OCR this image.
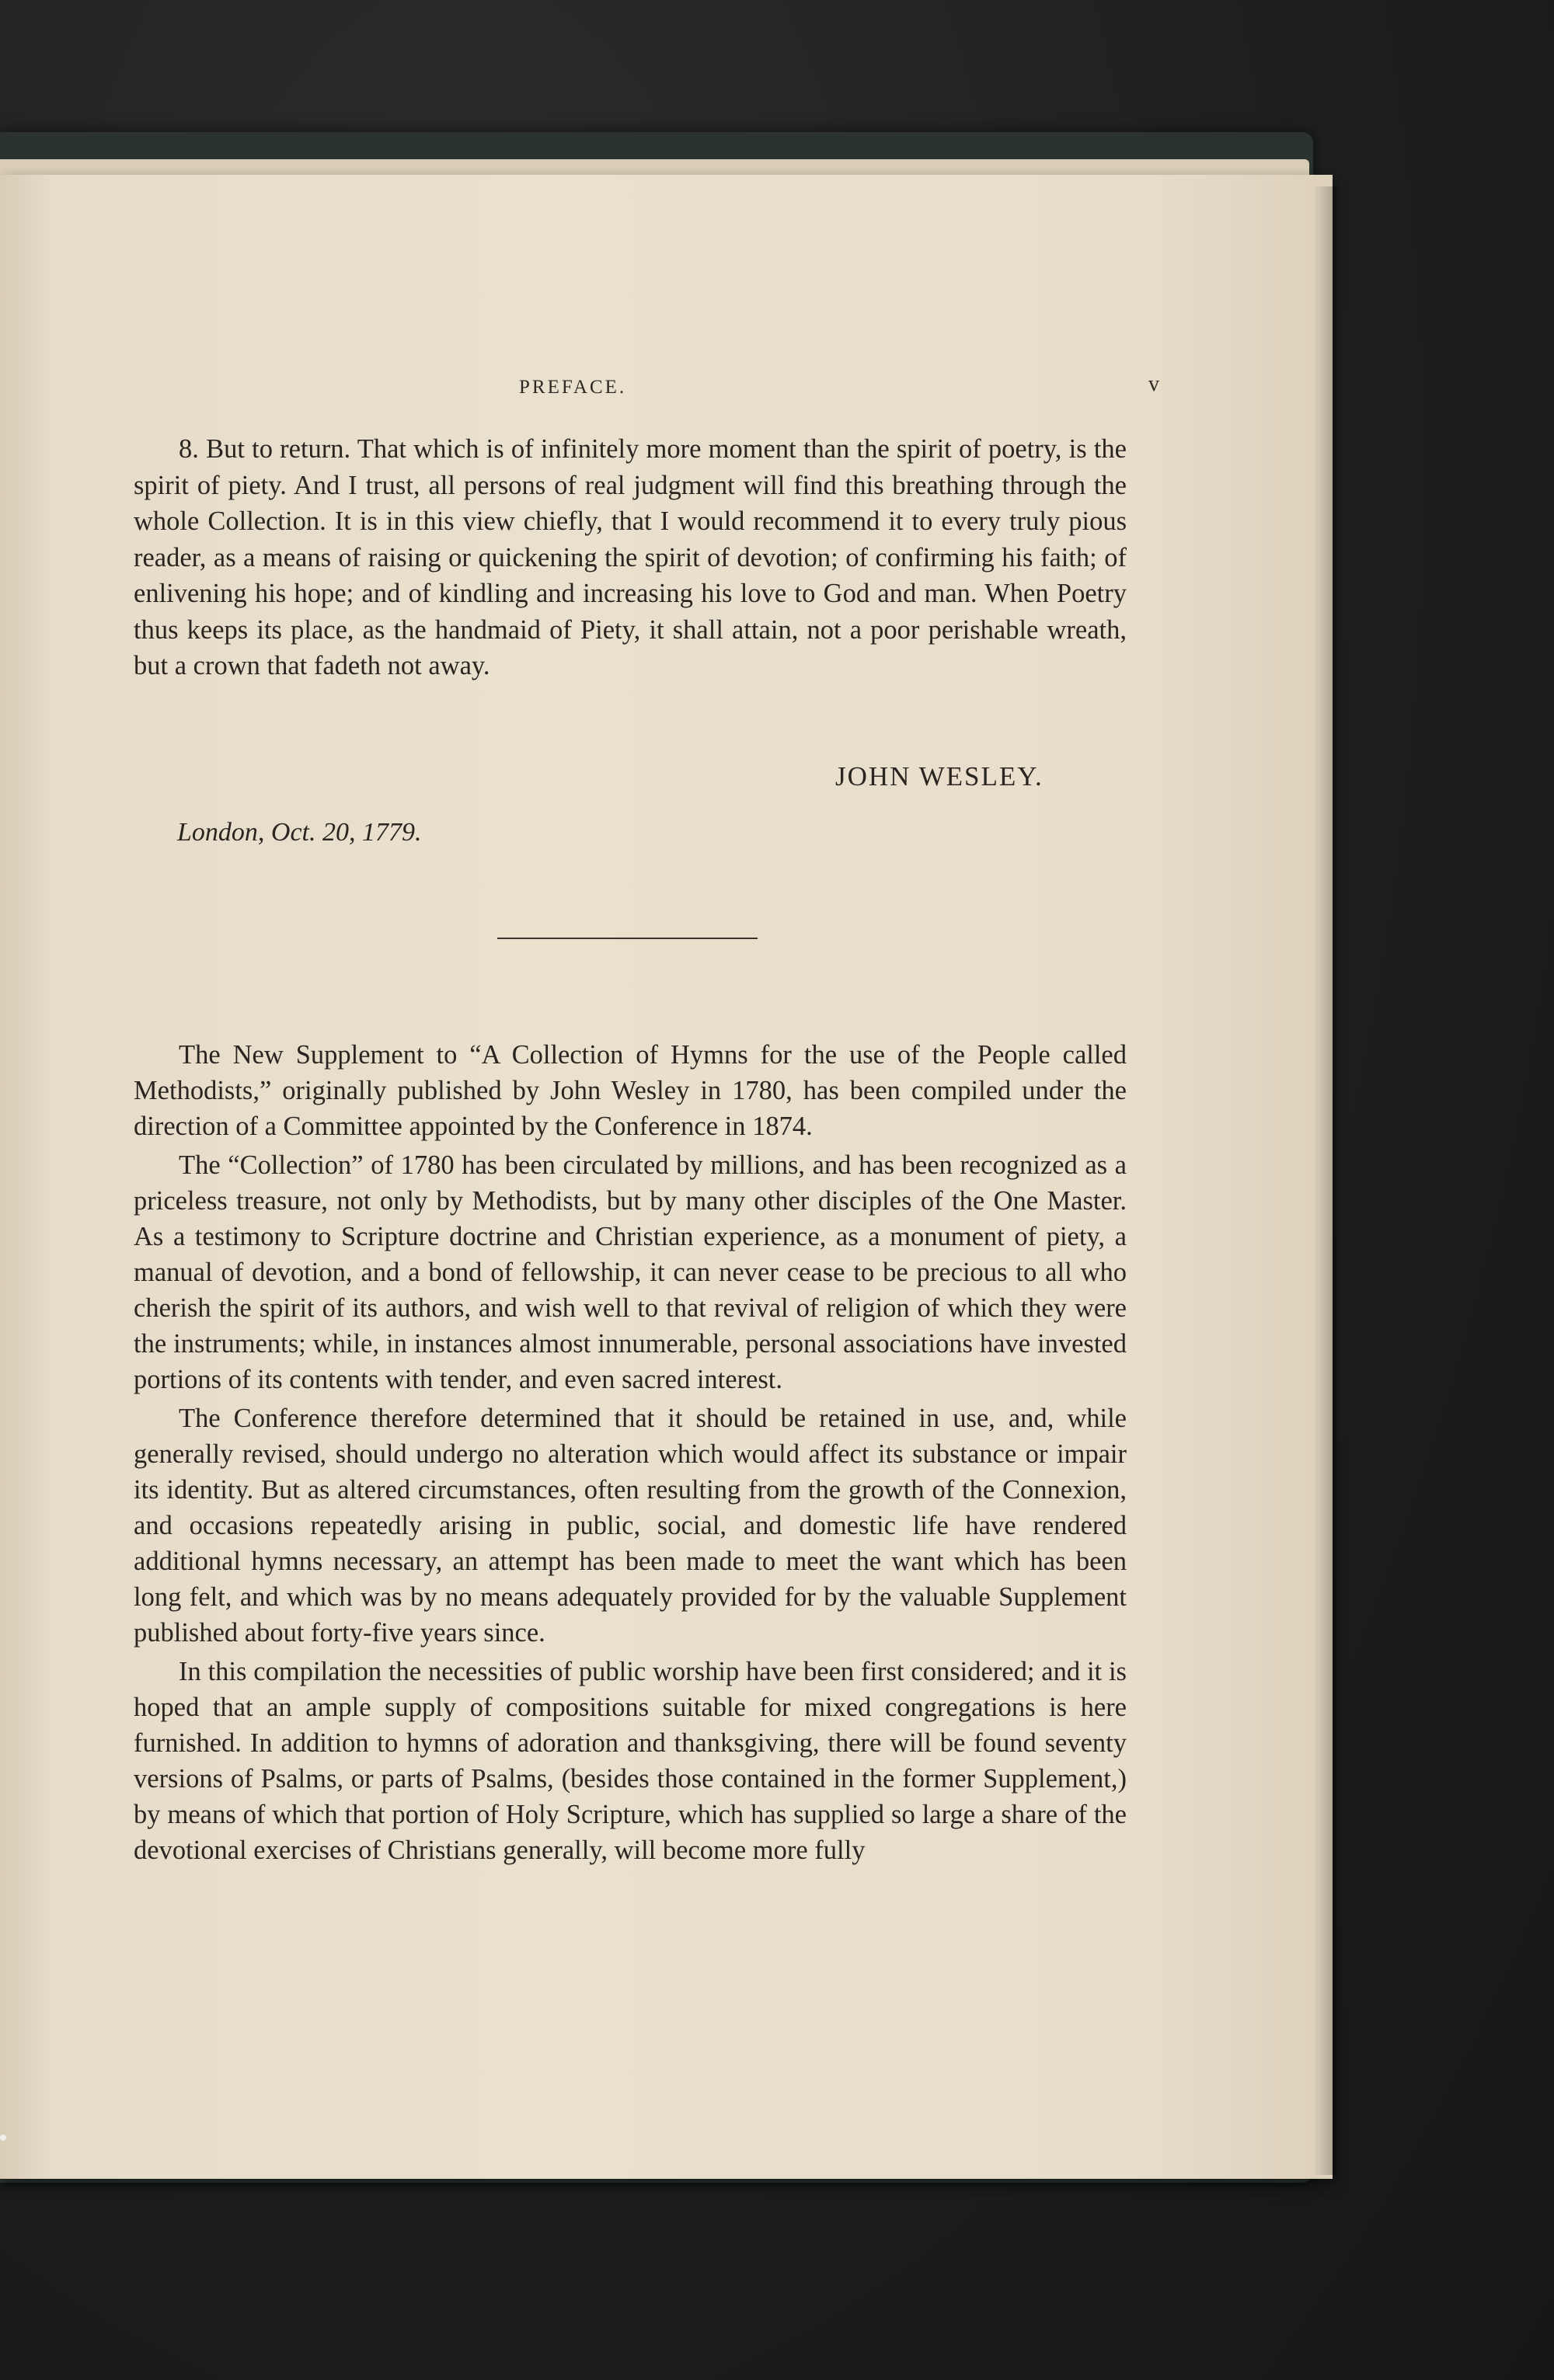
PREFACE.	v

8. But to return. That which is of infinitely more moment than the spirit of poetry, is the spirit of piety. And I trust, all persons of real judgment will find this breathing through the whole Collection. It is in this view chiefly, that I would recommend it to every truly pious reader, as a means of raising or quickening the spirit of devotion; of confirming his faith; of enlivening his hope; and of kindling and increasing his love to God and man. When Poetry thus keeps its place, as the handmaid of Piety, it shall attain, not a poor perishable wreath, but a crown that fadeth not away.

JOHN WESLEY.
London, Oct. 20, 1779.

The New Supplement to “A Collection of Hymns for the use of the People called Methodists,” originally published by John Wesley in 1780, has been compiled under the direction of a Committee appointed by the Conference in 1874.

The “Collection” of 1780 has been circulated by millions, and has been recognized as a priceless treasure, not only by Methodists, but by many other disciples of the One Master. As a testimony to Scripture doctrine and Christian experience, as a monument of piety, a manual of devotion, and a bond of fellowship, it can never cease to be precious to all who cherish the spirit of its authors, and wish well to that revival of religion of which they were the instruments; while, in instances almost innumerable, personal associations have invested portions of its contents with tender, and even sacred interest.

The Conference therefore determined that it should be retained in use, and, while generally revised, should undergo no alteration which would affect its substance or impair its identity. But as altered circumstances, often resulting from the growth of the Connexion, and occasions repeatedly arising in public, social, and domestic life have rendered additional hymns necessary, an attempt has been made to meet the want which has been long felt, and which was by no means adequately provided for by the valuable Supplement published about forty-five years since.

In this compilation the necessities of public worship have been first considered; and it is hoped that an ample supply of compositions suitable for mixed congregations is here furnished. In addition to hymns of adoration and thanksgiving, there will be found seventy versions of Psalms, or parts of Psalms, (besides those contained in the former Supplement,) by means of which that portion of Holy Scripture, which has supplied so large a share of the devotional exercises of Christians generally, will become more fully
